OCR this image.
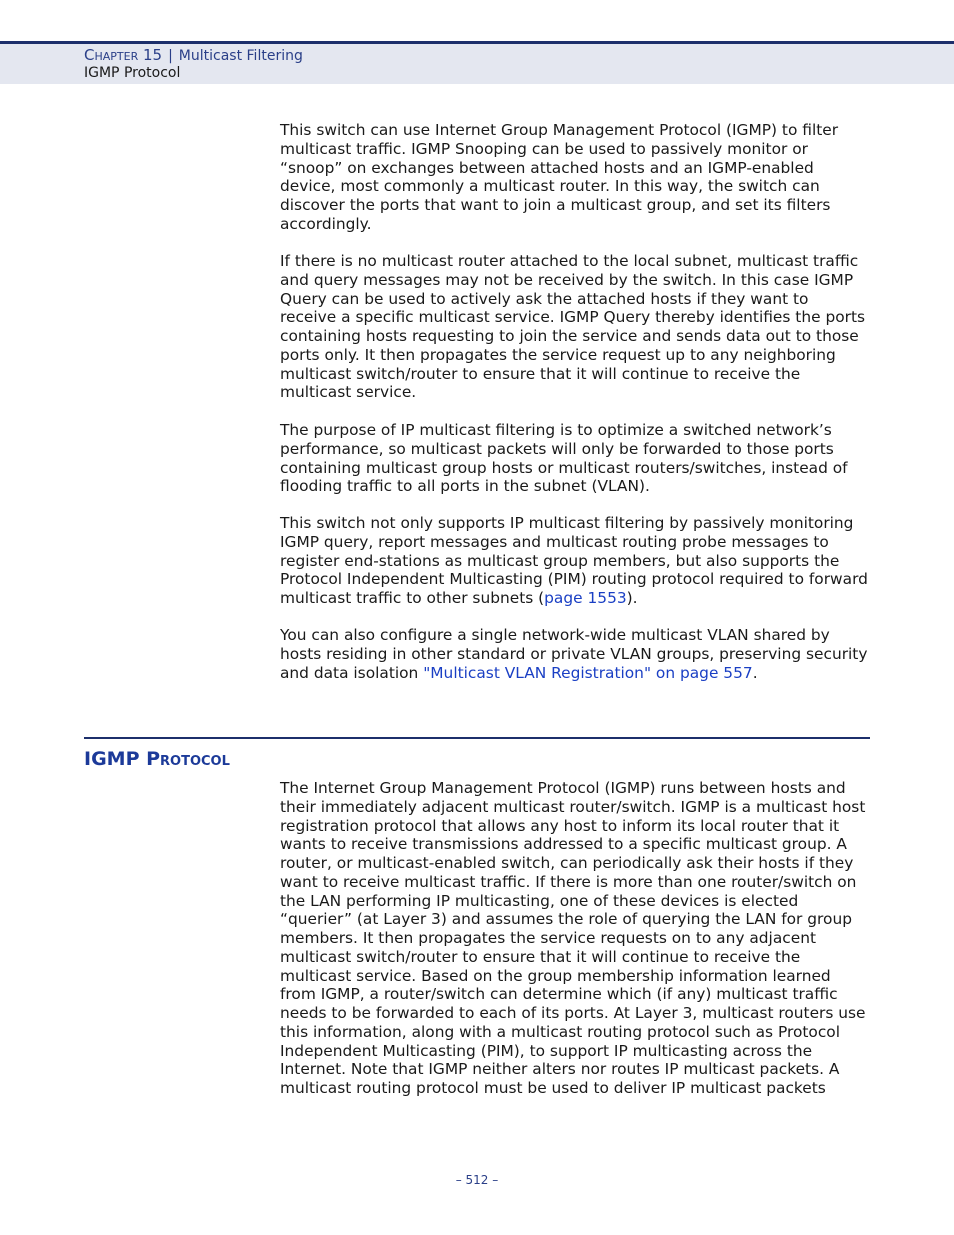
Chapter 15 | Multicast Filtering
IGMP Protocol

This switch can use Internet Group Management Protocol (IGMP) to filter multicast traffic. IGMP Snooping can be used to passively monitor or “snoop” on exchanges between attached hosts and an IGMP-enabled device, most commonly a multicast router. In this way, the switch can discover the ports that want to join a multicast group, and set its filters accordingly.

If there is no multicast router attached to the local subnet, multicast traffic and query messages may not be received by the switch. In this case IGMP Query can be used to actively ask the attached hosts if they want to receive a specific multicast service. IGMP Query thereby identifies the ports containing hosts requesting to join the service and sends data out to those ports only. It then propagates the service request up to any neighboring multicast switch/router to ensure that it will continue to receive the multicast service.

The purpose of IP multicast filtering is to optimize a switched network’s performance, so multicast packets will only be forwarded to those ports containing multicast group hosts or multicast routers/switches, instead of flooding traffic to all ports in the subnet (VLAN).

This switch not only supports IP multicast filtering by passively monitoring IGMP query, report messages and multicast routing probe messages to register end-stations as multicast group members, but also supports the Protocol Independent Multicasting (PIM) routing protocol required to forward multicast traffic to other subnets (page 1553).

You can also configure a single network-wide multicast VLAN shared by hosts residing in other standard or private VLAN groups, preserving security and data isolation "Multicast VLAN Registration" on page 557.

IGMP Protocol

The Internet Group Management Protocol (IGMP) runs between hosts and their immediately adjacent multicast router/switch. IGMP is a multicast host registration protocol that allows any host to inform its local router that it wants to receive transmissions addressed to a specific multicast group. A router, or multicast-enabled switch, can periodically ask their hosts if they want to receive multicast traffic. If there is more than one router/switch on the LAN performing IP multicasting, one of these devices is elected “querier” (at Layer 3) and assumes the role of querying the LAN for group members. It then propagates the service requests on to any adjacent multicast switch/router to ensure that it will continue to receive the multicast service. Based on the group membership information learned from IGMP, a router/switch can determine which (if any) multicast traffic needs to be forwarded to each of its ports. At Layer 3, multicast routers use this information, along with a multicast routing protocol such as Protocol Independent Multicasting (PIM), to support IP multicasting across the Internet. Note that IGMP neither alters nor routes IP multicast packets. A multicast routing protocol must be used to deliver IP multicast packets

– 512 –
